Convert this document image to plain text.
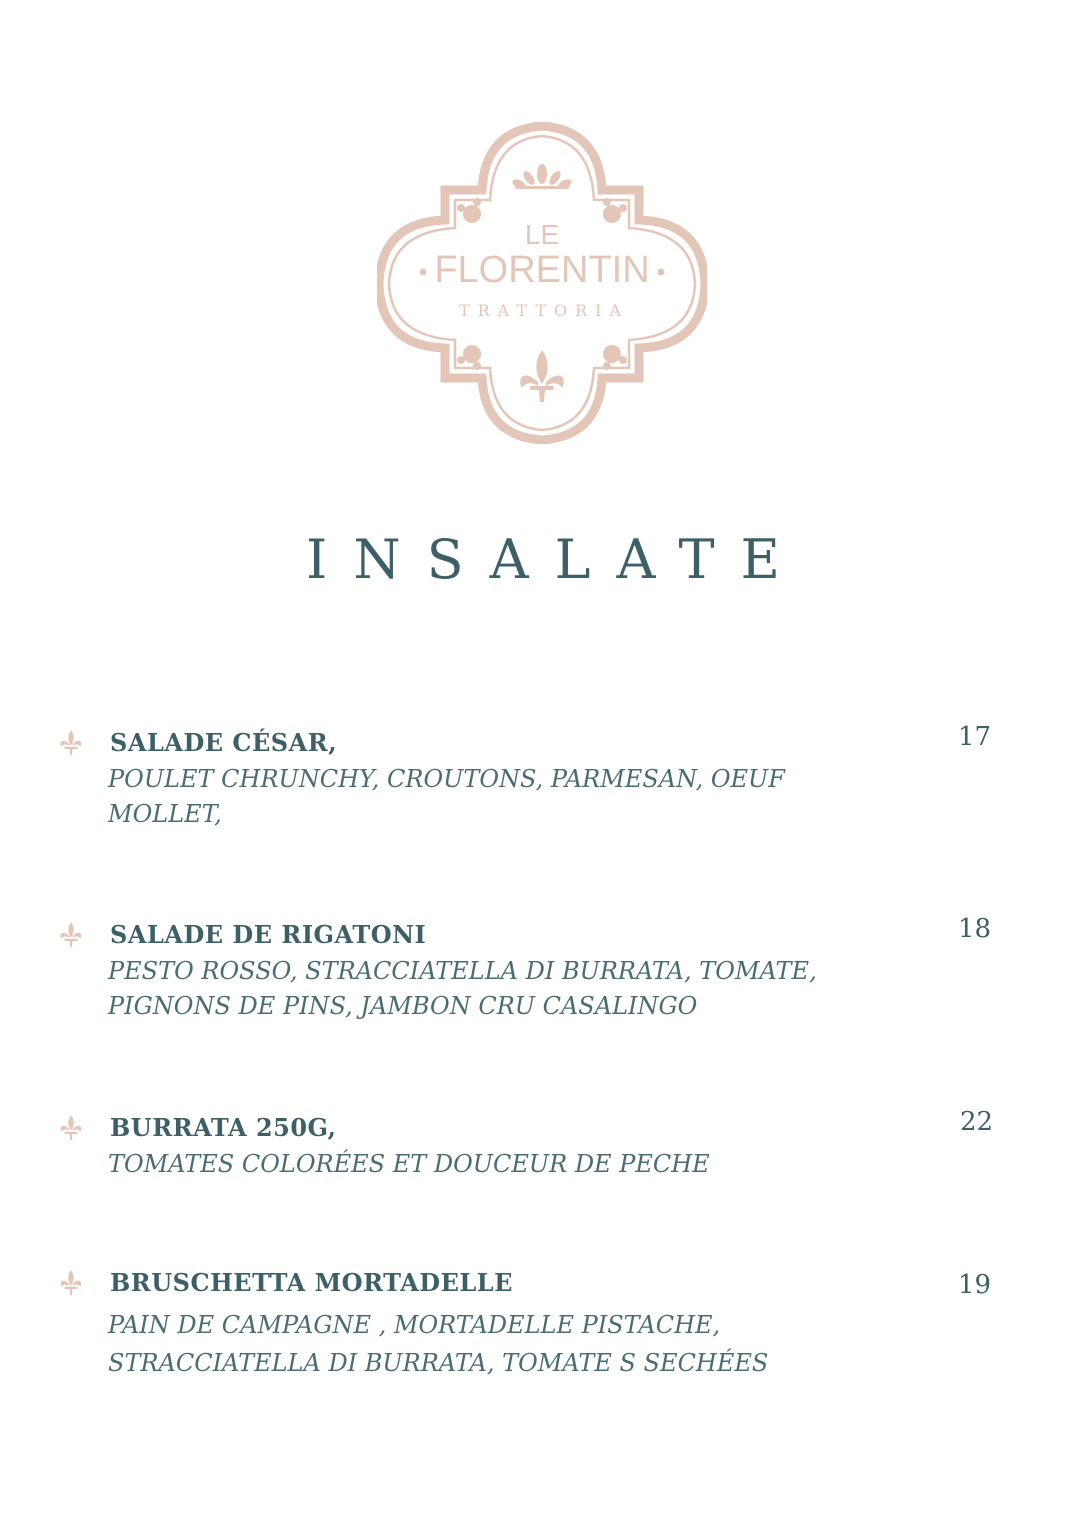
LE
FLORENTIN
TRATTORIA
INSALATE
SALADE CÉSAR,
POULET CHRUNCHY, CROUTONS, PARMESAN, OEUF
MOLLET,
17
SALADE DE RIGATONI
PESTO ROSSO, STRACCIATELLA DI BURRATA, TOMATE,
PIGNONS DE PINS, JAMBON CRU CASALINGO
18
BURRATA 250G,
TOMATES COLORÉES ET DOUCEUR DE PECHE
22
BRUSCHETTA MORTADELLE
PAIN DE CAMPAGNE , MORTADELLE PISTACHE,
STRACCIATELLA DI BURRATA, TOMATE S SECHÉES
19
